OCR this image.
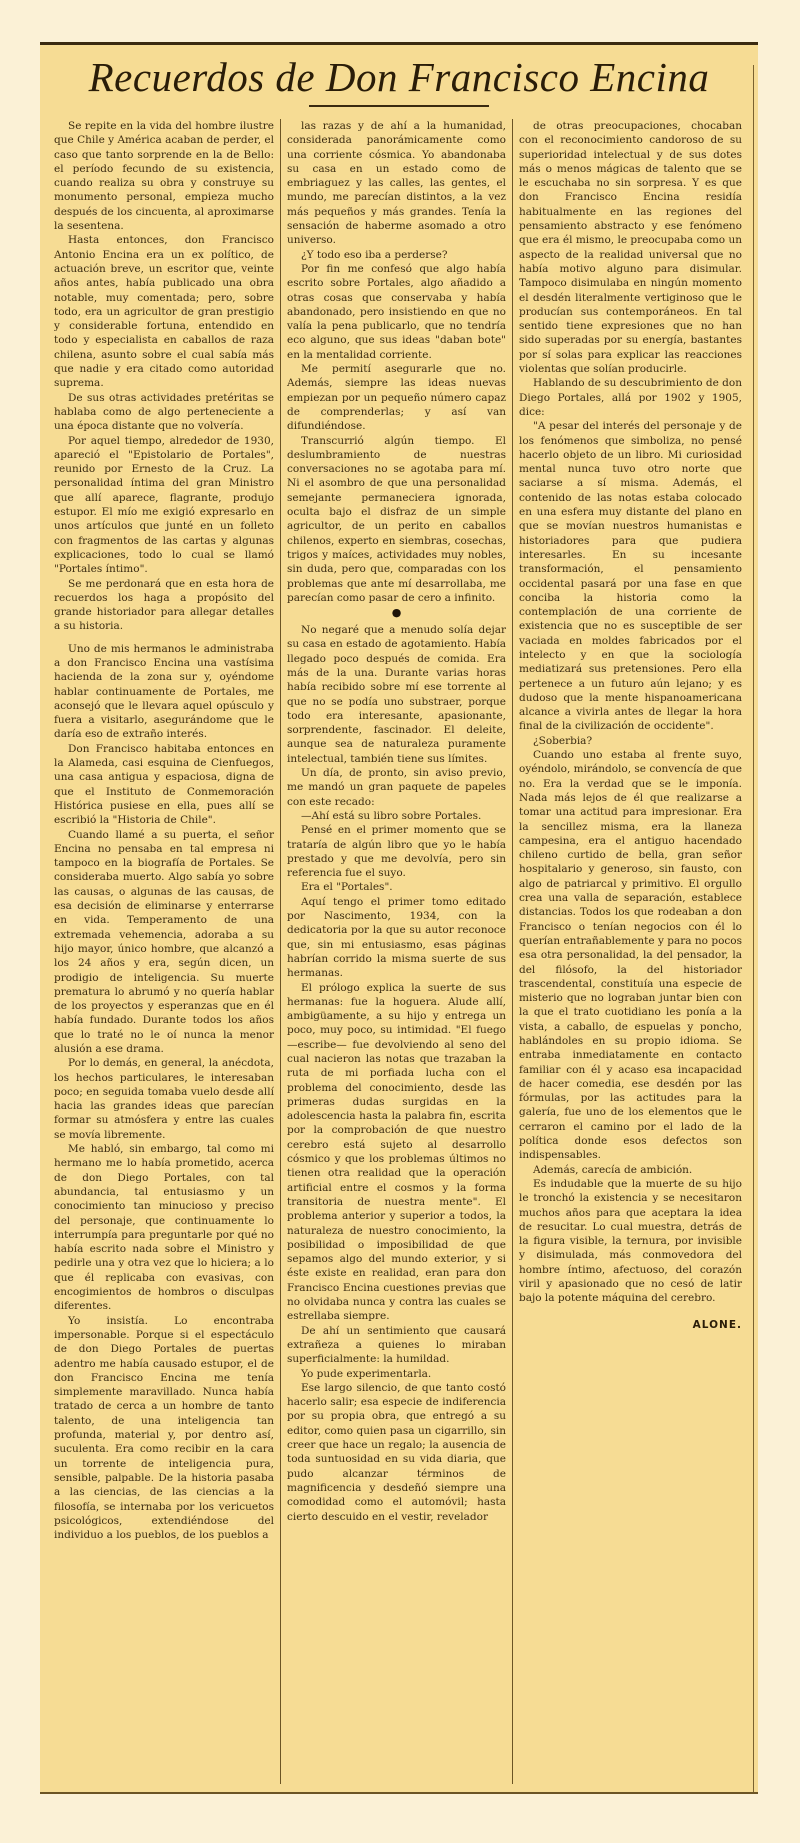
Recuerdos de Don Francisco Encina

Se repite en la vida del hombre ilustre que Chile y América acaban de perder, el caso que tanto sorprende en la de Bello: el período fecundo de su existencia, cuando realiza su obra y construye su monumento personal, empieza mucho después de los cincuenta, al aproximarse la sesentena.

Hasta entonces, don Francisco Antonio Encina era un ex político, de actuación breve, un escritor que, veinte años antes, había publicado una obra notable, muy comentada; pero, sobre todo, era un agricultor de gran prestigio y considerable fortuna, entendido en todo y especialista en caballos de raza chilena, asunto sobre el cual sabía más que nadie y era citado como autoridad suprema.

De sus otras actividades pretéritas se hablaba como de algo perteneciente a una época distante que no volvería.

Por aquel tiempo, alrededor de 1930, apareció el "Epistolario de Portales", reunido por Ernesto de la Cruz. La personalidad íntima del gran Ministro que allí aparece, flagrante, produjo estupor. El mío me exigió expresarlo en unos artículos que junté en un folleto con fragmentos de las cartas y algunas explicaciones, todo lo cual se llamó "Portales íntimo".

Se me perdonará que en esta hora de recuerdos los haga a propósito del grande historiador para allegar detalles a su historia.

Uno de mis hermanos le administraba a don Francisco Encina una vastísima hacienda de la zona sur y, oyéndome hablar continuamente de Portales, me aconsejó que le llevara aquel opúsculo y fuera a visitarlo, asegurándome que le daría eso de extraño interés.

Don Francisco habitaba entonces en la Alameda, casi esquina de Cienfuegos, una casa antigua y espaciosa, digna de que el Instituto de Conmemoración Histórica pusiese en ella, pues allí se escribió la "Historia de Chile".

Cuando llamé a su puerta, el señor Encina no pensaba en tal empresa ni tampoco en la biografía de Portales. Se consideraba muerto. Algo sabía yo sobre las causas, o algunas de las causas, de esa decisión de eliminarse y enterrarse en vida. Temperamento de una extremada vehemencia, adoraba a su hijo mayor, único hombre, que alcanzó a los 24 años y era, según dicen, un prodigio de inteligencia. Su muerte prematura lo abrumó y no quería hablar de los proyectos y esperanzas que en él había fundado. Durante todos los años que lo traté no le oí nunca la menor alusión a ese drama.

Por lo demás, en general, la anécdota, los hechos particulares, le interesaban poco; en seguida tomaba vuelo desde allí hacia las grandes ideas que parecían formar su atmósfera y entre las cuales se movía libremente.

Me habló, sin embargo, tal como mi hermano me lo había prometido, acerca de don Diego Portales, con tal abundancia, tal entusiasmo y un conocimiento tan minucioso y preciso del personaje, que continuamente lo interrumpía para preguntarle por qué no había escrito nada sobre el Ministro y pedirle una y otra vez que lo hiciera; a lo que él replicaba con evasivas, con encogimientos de hombros o disculpas diferentes.

Yo insistía. Lo encontraba impersonable. Porque si el espectáculo de don Diego Portales de puertas adentro me había causado estupor, el de don Francisco Encina me tenía simplemente maravillado. Nunca había tratado de cerca a un hombre de tanto talento, de una inteligencia tan profunda, material y, por dentro así, suculenta. Era como recibir en la cara un torrente de inteligencia pura, sensible, palpable. De la historia pasaba a las ciencias, de las ciencias a la filosofía, se internaba por los vericuetos psicológicos, extendiéndose del individuo a los pueblos, de los pueblos a

las razas y de ahí a la humanidad, considerada panorámicamente como una corriente cósmica. Yo abandonaba su casa en un estado como de embriaguez y las calles, las gentes, el mundo, me parecían distintos, a la vez más pequeños y más grandes. Tenía la sensación de haberme asomado a otro universo.

¿Y todo eso iba a perderse?

Por fin me confesó que algo había escrito sobre Portales, algo añadido a otras cosas que conservaba y había abandonado, pero insistiendo en que no valía la pena publicarlo, que no tendría eco alguno, que sus ideas "daban bote" en la mentalidad corriente.

Me permití asegurarle que no. Además, siempre las ideas nuevas empiezan por un pequeño número capaz de comprenderlas; y así van difundiéndose.

Transcurrió algún tiempo. El deslumbramiento de nuestras conversaciones no se agotaba para mí. Ni el asombro de que una personalidad semejante permaneciera ignorada, oculta bajo el disfraz de un simple agricultor, de un perito en caballos chilenos, experto en siembras, cosechas, trigos y maíces, actividades muy nobles, sin duda, pero que, comparadas con los problemas que ante mí desarrollaba, me parecían como pasar de cero a infinito.

●

No negaré que a menudo solía dejar su casa en estado de agotamiento. Había llegado poco después de comida. Era más de la una. Durante varias horas había recibido sobre mí ese torrente al que no se podía uno substraer, porque todo era interesante, apasionante, sorprendente, fascinador. El deleite, aunque sea de naturaleza puramente intelectual, también tiene sus límites.

Un día, de pronto, sin aviso previo, me mandó un gran paquete de papeles con este recado:

—Ahí está su libro sobre Portales.

Pensé en el primer momento que se trataría de algún libro que yo le había prestado y que me devolvía, pero sin referencia fue el suyo.

Era el "Portales".

Aquí tengo el primer tomo editado por Nascimento, 1934, con la dedicatoria por la que su autor reconoce que, sin mi entusiasmo, esas páginas habrían corrido la misma suerte de sus hermanas.

El prólogo explica la suerte de sus hermanas: fue la hoguera. Alude allí, ambigüamente, a su hijo y entrega un poco, muy poco, su intimidad. "El fuego —escribe— fue devolviendo al seno del cual nacieron las notas que trazaban la ruta de mi porfiada lucha con el problema del conocimiento, desde las primeras dudas surgidas en la adolescencia hasta la palabra fin, escrita por la comprobación de que nuestro cerebro está sujeto al desarrollo cósmico y que los problemas últimos no tienen otra realidad que la operación artificial entre el cosmos y la forma transitoria de nuestra mente". El problema anterior y superior a todos, la naturaleza de nuestro conocimiento, la posibilidad o imposibilidad de que sepamos algo del mundo exterior, y si éste existe en realidad, eran para don Francisco Encina cuestiones previas que no olvidaba nunca y contra las cuales se estrellaba siempre.

De ahí un sentimiento que causará extrañeza a quienes lo miraban superficialmente: la humildad.

Yo pude experimentarla.

Ese largo silencio, de que tanto costó hacerlo salir; esa especie de indiferencia por su propia obra, que entregó a su editor, como quien pasa un cigarrillo, sin creer que hace un regalo; la ausencia de toda suntuosidad en su vida diaria, que pudo alcanzar términos de magnificencia y desdeñó siempre una comodidad como el automóvil; hasta cierto descuido en el vestir, revelador

de otras preocupaciones, chocaban con el reconocimiento candoroso de su superioridad intelectual y de sus dotes más o menos mágicas de talento que se le escuchaba no sin sorpresa. Y es que don Francisco Encina residía habitualmente en las regiones del pensamiento abstracto y ese fenómeno que era él mismo, le preocupaba como un aspecto de la realidad universal que no había motivo alguno para disimular. Tampoco disimulaba en ningún momento el desdén literalmente vertiginoso que le producían sus contemporáneos. En tal sentido tiene expresiones que no han sido superadas por su energía, bastantes por sí solas para explicar las reacciones violentas que solían producirle.

Hablando de su descubrimiento de don Diego Portales, allá por 1902 y 1905, dice:

"A pesar del interés del personaje y de los fenómenos que simboliza, no pensé hacerlo objeto de un libro. Mi curiosidad mental nunca tuvo otro norte que saciarse a sí misma. Además, el contenido de las notas estaba colocado en una esfera muy distante del plano en que se movían nuestros humanistas e historiadores para que pudiera interesarles. En su incesante transformación, el pensamiento occidental pasará por una fase en que conciba la historia como la contemplación de una corriente de existencia que no es susceptible de ser vaciada en moldes fabricados por el intelecto y en que la sociología mediatizará sus pretensiones. Pero ella pertenece a un futuro aún lejano; y es dudoso que la mente hispanoamericana alcance a vivirla antes de llegar la hora final de la civilización de occidente".

¿Soberbia?

Cuando uno estaba al frente suyo, oyéndolo, mirándolo, se convencía de que no. Era la verdad que se le imponía. Nada más lejos de él que realizarse a tomar una actitud para impresionar. Era la sencillez misma, era la llaneza campesina, era el antiguo hacendado chileno curtido de bella, gran señor hospitalario y generoso, sin fausto, con algo de patriarcal y primitivo. El orgullo crea una valla de separación, establece distancias. Todos los que rodeaban a don Francisco o tenían negocios con él lo querían entrañablemente y para no pocos esa otra personalidad, la del pensador, la del filósofo, la del historiador trascendental, constituía una especie de misterio que no lograban juntar bien con la que el trato cuotidiano les ponía a la vista, a caballo, de espuelas y poncho, hablándoles en su propio idioma. Se entraba inmediatamente en contacto familiar con él y acaso esa incapacidad de hacer comedia, ese desdén por las fórmulas, por las actitudes para la galería, fue uno de los elementos que le cerraron el camino por el lado de la política donde esos defectos son indispensables.

Además, carecía de ambición.

Es indudable que la muerte de su hijo le tronchó la existencia y se necesitaron muchos años para que aceptara la idea de resucitar. Lo cual muestra, detrás de la figura visible, la ternura, por invisible y disimulada, más conmovedora del hombre íntimo, afectuoso, del corazón viril y apasionado que no cesó de latir bajo la potente máquina del cerebro.

ALONE.
